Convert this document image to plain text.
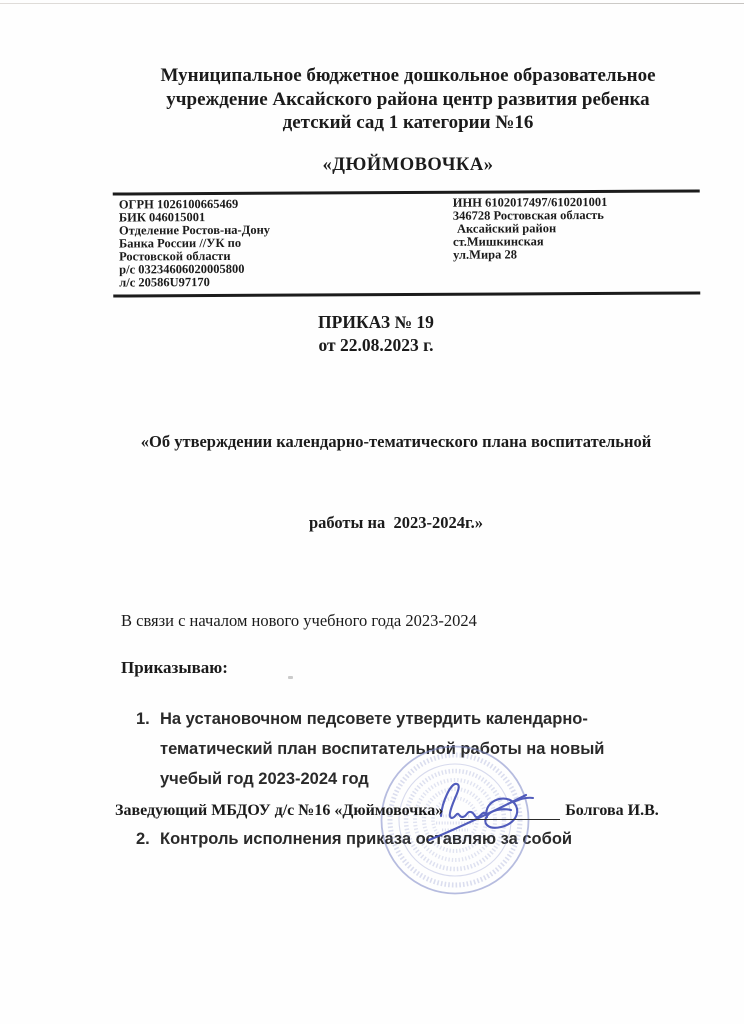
Муниципальное бюджетное дошкольное образовательное
учреждение Аксайского района центр развития ребенка
детский сад 1 категории №16
«ДЮЙМОВОЧКА»
ОГРН 1026100665469
БИК 046015001
Отделение Ростов-на-Дону
Банка России //УК по
Ростовской области
р/с 03234606020005800
л/с 20586U97170
ИНН 6102017497/610201001
346728 Ростовская область
Аксайский район
ст.Мишкинская
ул.Мира 28
ПРИКАЗ № 19
от 22.08.2023 г.

«Об утверждении календарно-тематического плана воспитательной

работы на  2023-2024г.»

В связи с началом нового учебного года 2023-2024
Приказываю:
1. На установочном педсовете утвердить календарно- тематический план воспитательной работы на новый учебый год 2023-2024 год
2. Контроль исполнения приказа оставляю за собой
Заведующий МБДОУ д/с №16 «Дюймовочка»	Болгова И.В.
